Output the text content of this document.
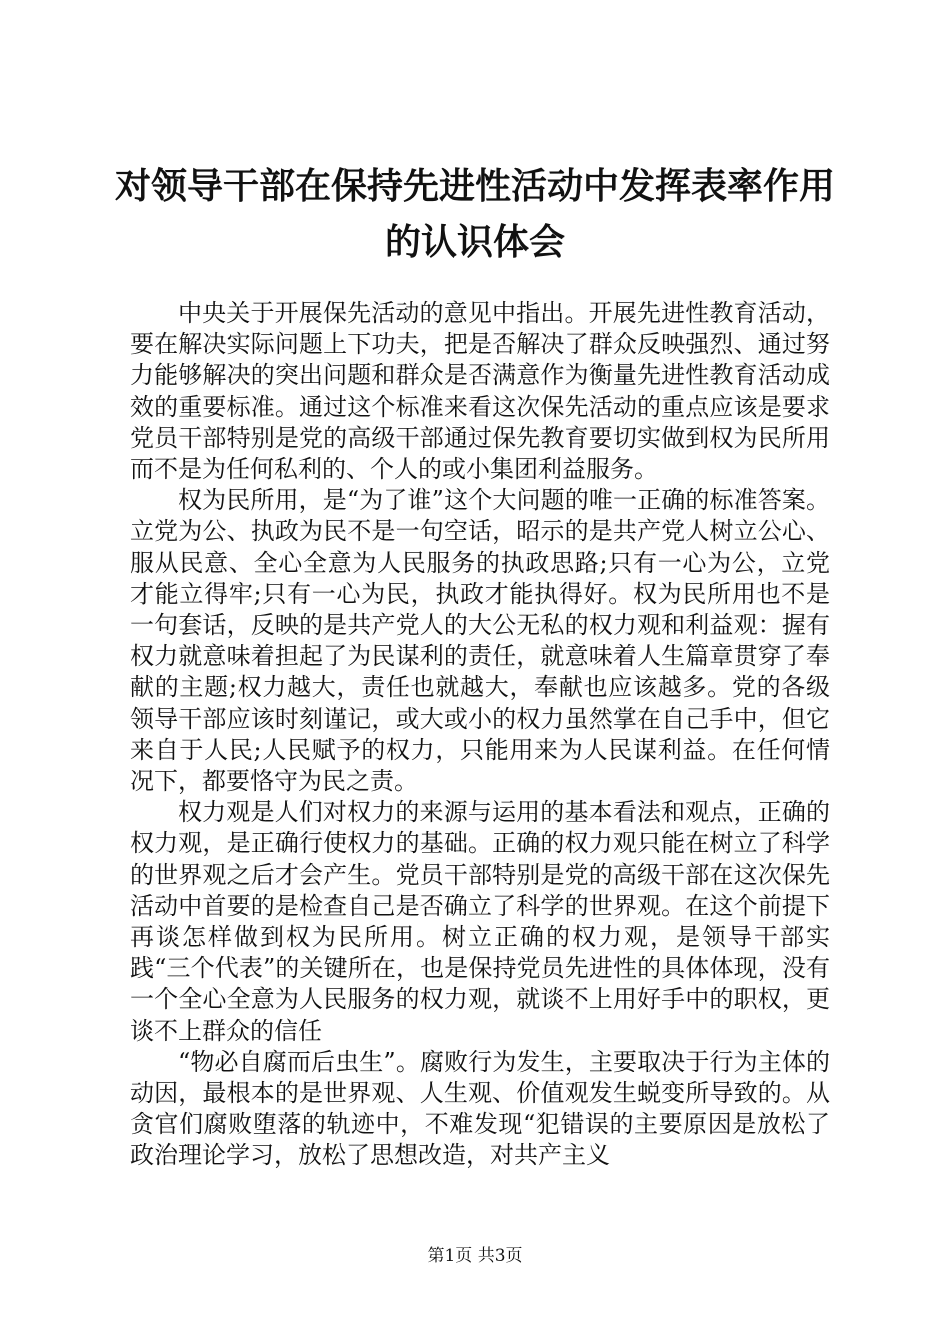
对领导干部在保持先进性活动中发挥表率作用
的认识体会

中央关于开展保先活动的意见中指出。开展先进性教育活动，要在解决实际问题上下功夫，把是否解决了群众反映强烈、通过努力能够解决的突出问题和群众是否满意作为衡量先进性教育活动成效的重要标准。通过这个标准来看这次保先活动的重点应该是要求党员干部特别是党的高级干部通过保先教育要切实做到权为民所用而不是为任何私利的、个人的或小集团利益服务。

权为民所用，是“为了谁”这个大问题的唯一正确的标准答案。立党为公、执政为民不是一句空话，昭示的是共产党人树立公心、服从民意、全心全意为人民服务的执政思路;只有一心为公，立党才能立得牢;只有一心为民，执政才能执得好。权为民所用也不是一句套话，反映的是共产党人的大公无私的权力观和利益观：握有权力就意味着担起了为民谋利的责任，就意味着人生篇章贯穿了奉献的主题;权力越大，责任也就越大，奉献也应该越多。党的各级领导干部应该时刻谨记，或大或小的权力虽然掌在自己手中，但它来自于人民;人民赋予的权力，只能用来为人民谋利益。在任何情况下，都要恪守为民之责。

权力观是人们对权力的来源与运用的基本看法和观点，正确的权力观，是正确行使权力的基础。正确的权力观只能在树立了科学的世界观之后才会产生。党员干部特别是党的高级干部在这次保先活动中首要的是检查自己是否确立了科学的世界观。在这个前提下再谈怎样做到权为民所用。树立正确的权力观，是领导干部实践“三个代表”的关键所在，也是保持党员先进性的具体体现，没有一个全心全意为人民服务的权力观，就谈不上用好手中的职权，更谈不上群众的信任

“物必自腐而后虫生”。腐败行为发生，主要取决于行为主体的动因，最根本的是世界观、人生观、价值观发生蜕变所导致的。从贪官们腐败堕落的轨迹中，不难发现“犯错误的主要原因是放松了政治理论学习，放松了思想改造，对共产主义

第1页 共3页
